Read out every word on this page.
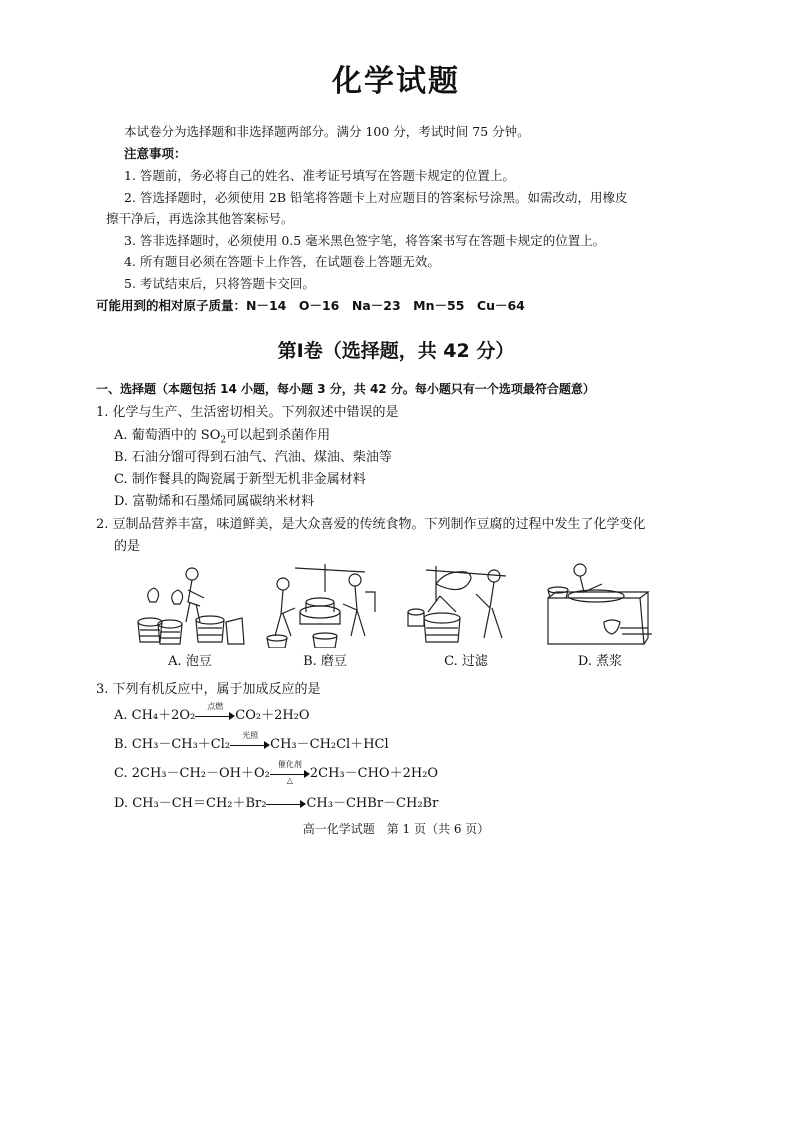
化学试题
本试卷分为选择题和非选择题两部分。满分 100 分，考试时间 75 分钟。
注意事项：
1. 答题前，务必将自己的姓名、准考证号填写在答题卡规定的位置上。
2. 答选择题时，必须使用 2B 铅笔将答题卡上对应题目的答案标号涂黑。如需改动，用橡皮
擦干净后，再选涂其他答案标号。
3. 答非选择题时，必须使用 0.5 毫米黑色签字笔，将答案书写在答题卡规定的位置上。
4. 所有题目必须在答题卡上作答，在试题卷上答题无效。
5. 考试结束后，只将答题卡交回。
可能用到的相对原子质量：N－14　O－16　Na－23　Mn－55　Cu－64
第Ⅰ卷（选择题，共 42 分）
一、选择题（本题包括 14 小题，每小题 3 分，共 42 分。每小题只有一个选项最符合题意）
1. 化学与生产、生活密切相关。下列叙述中错误的是
A. 葡萄酒中的 $SO_2$可以起到杀菌作用
B. 石油分馏可得到石油气、汽油、煤油、柴油等
C. 制作餐具的陶瓷属于新型无机非金属材料
D. 富勒烯和石墨烯同属碳纳米材料
2. 豆制品营养丰富，味道鲜美，是大众喜爱的传统食物。下列制作豆腐的过程中发生了化学变化
的是
A. 泡豆	B. 磨豆	C. 过滤	D. 煮浆
3. 下列有机反应中，属于加成反应的是
A. CH₄＋2O₂
点燃
CO₂＋2H₂O
B. CH₃－CH₃＋Cl₂
光照
CH₃－CH₂Cl＋HCl
C. 2CH₃－CH₂－OH＋O₂
催化剂
△	2CH₃－CHO＋2H₂O
D. CH₃－CH＝CH₂＋Br₂	CH₃－CHBr－CH₂Br
高一化学试题　第 1 页（共 6 页）
